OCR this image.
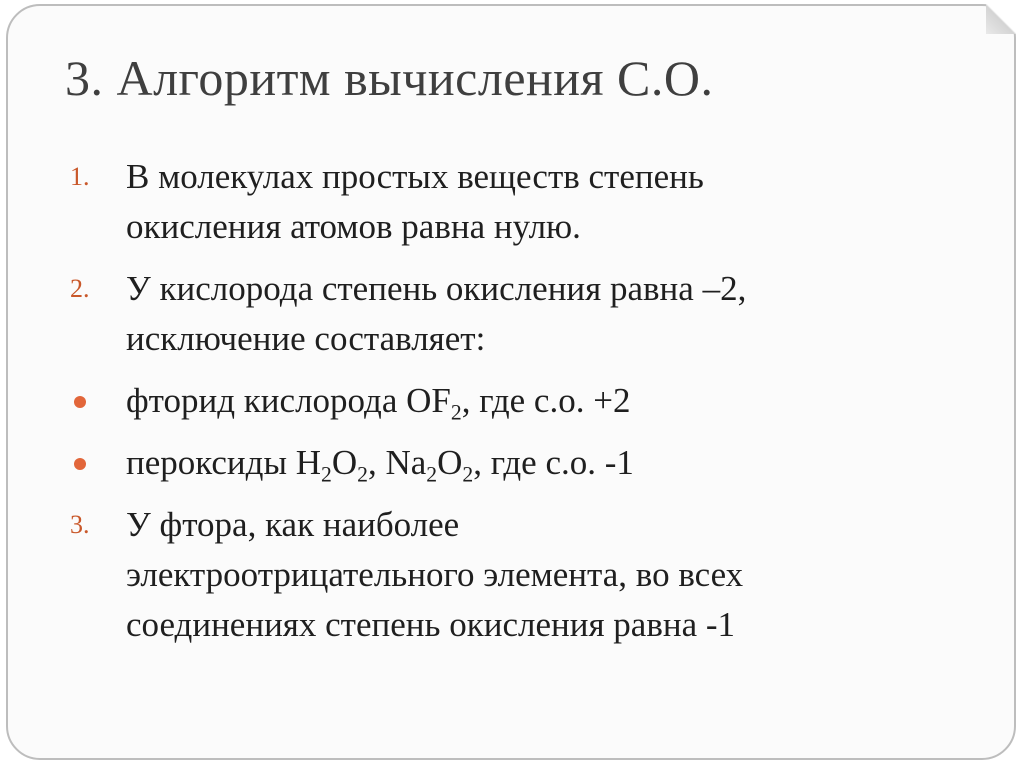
3. Алгоритм вычисления С.О.
1. В молекулах простых веществ степень
окисления атомов равна нулю.
2. У кислорода степень окисления равна –2,
исключение составляет:
фторид кислорода $OF_2$, где с.о. +2
пероксиды $H_2O_2$, $Na_2O_2$, где с.о. -1
3. У фтора, как наиболее
электроотрицательного элемента, во всех
соединениях степень окисления равна -1
